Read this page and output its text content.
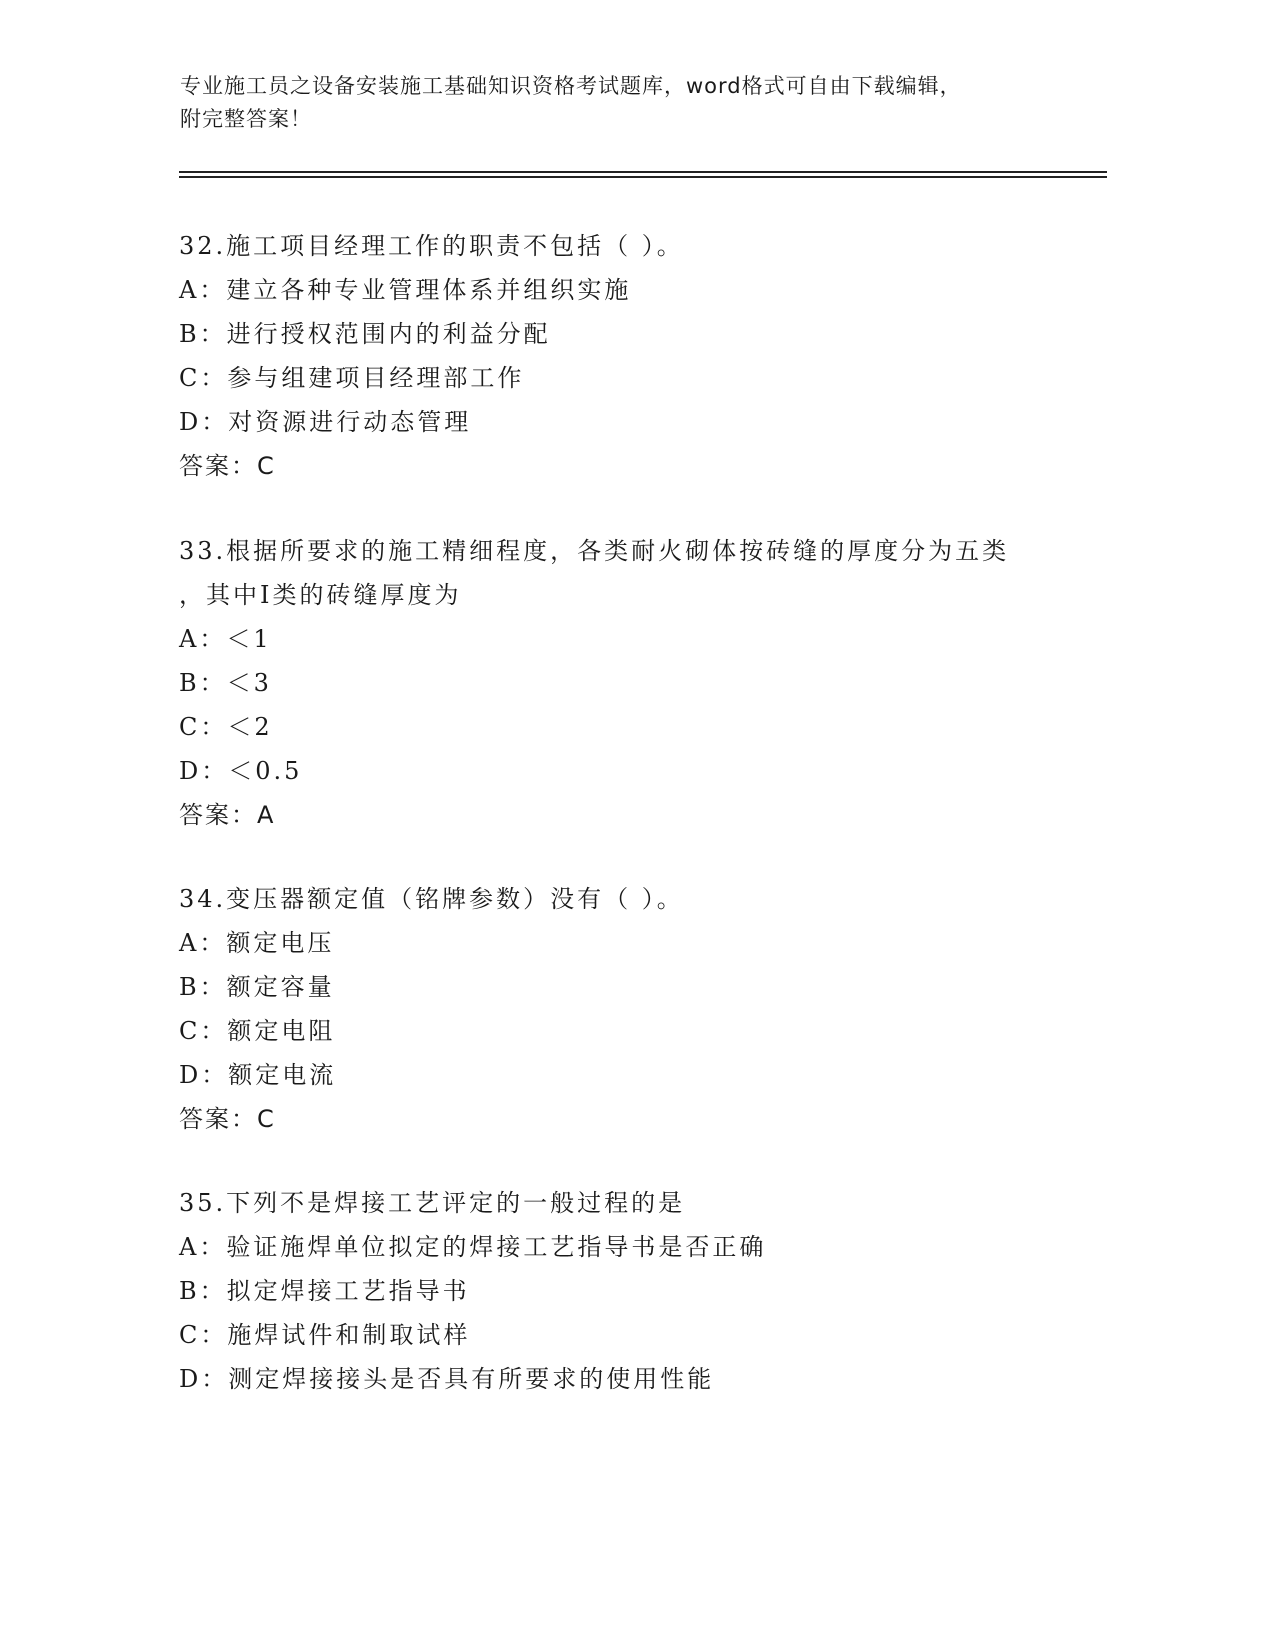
专业施工员之设备安装施工基础知识资格考试题库，word格式可自由下载编辑，
附完整答案！
32.施工项目经理工作的职责不包括（ ）。
A：建立各种专业管理体系并组织实施
B：进行授权范围内的利益分配
C：参与组建项目经理部工作
D：对资源进行动态管理
答案：C
33.根据所要求的施工精细程度，各类耐火砌体按砖缝的厚度分为五类
，其中Ⅰ类的砖缝厚度为
A：＜1
B：＜3
C：＜2
D：＜0.5
答案：A
34.变压器额定值（铭牌参数）没有（ ）。
A：额定电压
B：额定容量
C：额定电阻
D：额定电流
答案：C
35.下列不是焊接工艺评定的一般过程的是
A：验证施焊单位拟定的焊接工艺指导书是否正确
B：拟定焊接工艺指导书
C：施焊试件和制取试样
D：测定焊接接头是否具有所要求的使用性能
